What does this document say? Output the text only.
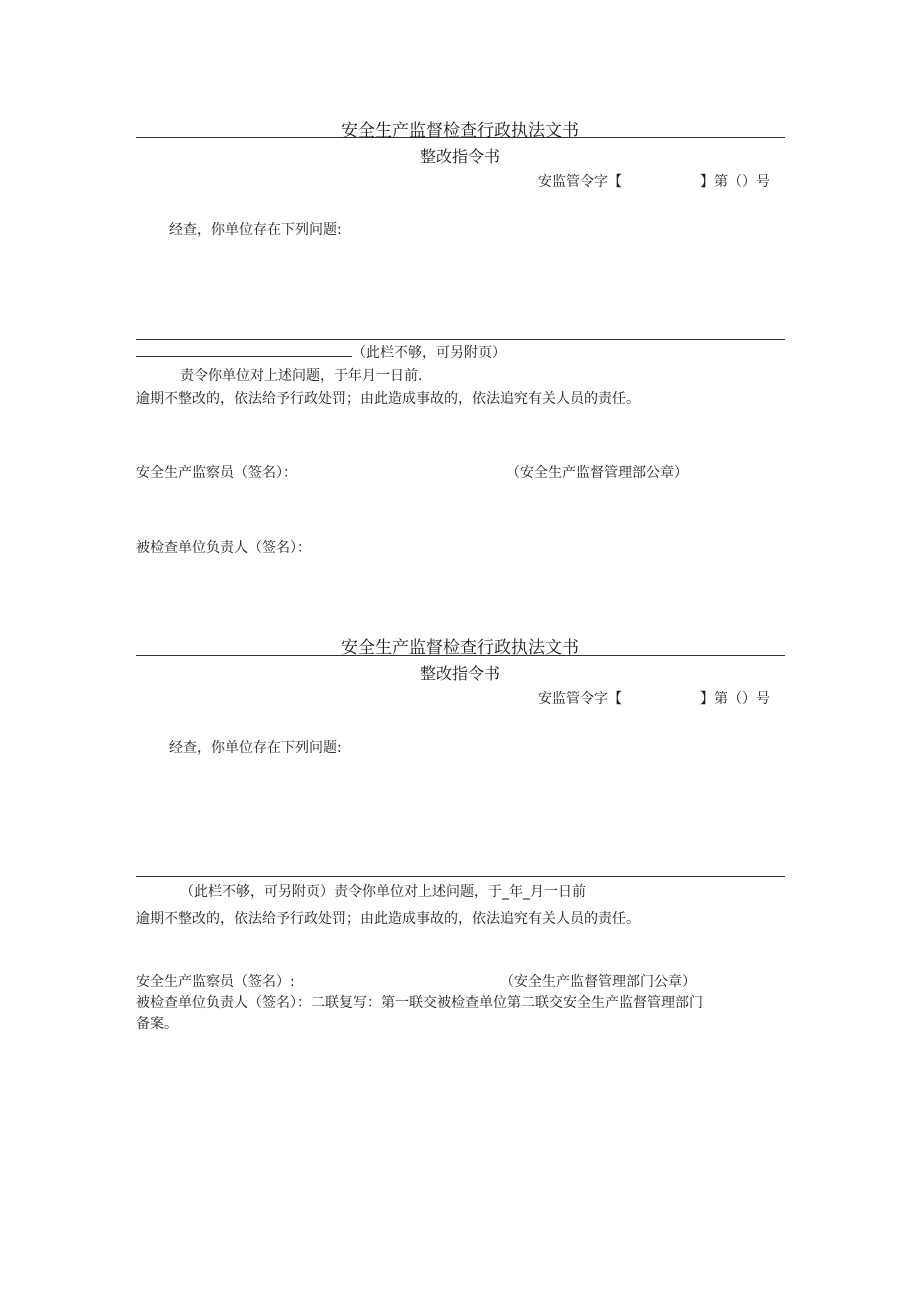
安全生产监督检查行政执法文书
整改指令书
安监管令字【	】第（）号
经查，你单位存在下列问题:
（此栏不够，可另附页）
责令你单位对上述问题，于年月一日前.
逾期不整改的，依法给予行政处罚；由此造成事故的，依法追究有关人员的责任。
安全生产监察员（签名）：	（安全生产监督管理部公章）
被检查单位负责人（签名）：
安全生产监督检查行政执法文书
整改指令书
安监管令字【	】第（）号
经查，你单位存在下列问题:
（此栏不够，可另附页）责令你单位对上述问题，于_年_月一日前
逾期不整改的，依法给予行政处罚；由此造成事故的，依法追究有关人员的责任。
安全生产监察员（签名）:	（安全生产监督管理部门公章）
被检查单位负责人（签名）：二联复写：第一联交被检查单位第二联交安全生产监督管理部门
备案。
